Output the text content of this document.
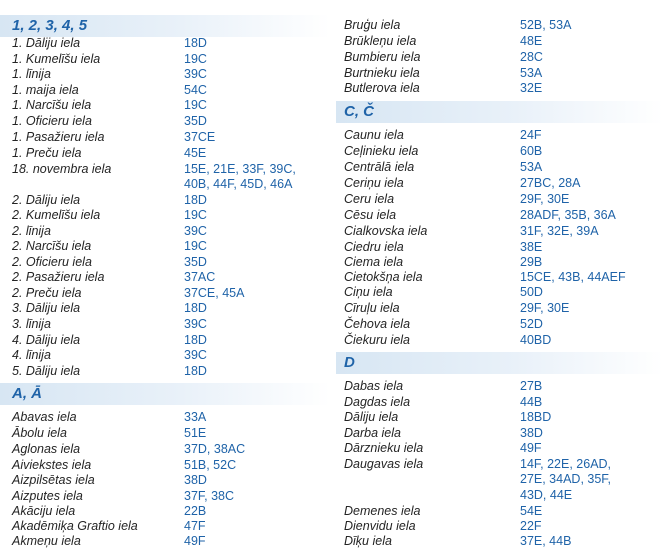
1, 2, 3, 4, 5
1. Dāliju iela	18D
1. Kumelīšu iela	19C
1. līnija	39C
1. maija iela	54C
1. Narcīšu iela	19C
1. Oficieru iela	35D
1. Pasažieru iela	37CE
1. Preču iela	45E
18. novembra iela	15E, 21E, 33F, 39C,
40B, 44F, 45D, 46A
2. Dāliju iela	18D
2. Kumelīšu iela	19C
2. līnija	39C
2. Narcīšu iela	19C
2. Oficieru iela	35D
2. Pasažieru iela	37AC
2. Preču iela	37CE, 45A
3. Dāliju iela	18D
3. līnija	39C
4. Dāliju iela	18D
4. līnija	39C
5. Dāliju iela	18D
A, Ā
Abavas iela	33A
Ābolu iela	51E
Aglonas iela	37D, 38AC
Aiviekstes iela	51B, 52C
Aizpilsētas iela	38D
Aizputes iela	37F, 38C
Akāciju iela	22B
Akadēmiķa Graftio iela	47F
Akmeņu iela	49F
Bruģu iela	52B, 53A
Brūkleņu iela	48E
Bumbieru iela	28C
Burtnieku iela	53A
Butlerova iela	32E
C, Č
Caunu iela	24F
Ceļinieku iela	60B
Centrālā iela	53A
Ceriņu iela	27BC, 28A
Ceru iela	29F, 30E
Cēsu iela	28ADF, 35B, 36A
Cialkovska iela	31F, 32E, 39A
Ciedru iela	38E
Ciema iela	29B
Cietokšņa iela	15CE, 43B, 44AEF
Ciņu iela	50D
Cīruļu iela	29F, 30E
Čehova iela	52D
Čiekuru iela	40BD
D
Dabas iela	27B
Dagdas iela	44B
Dāliju iela	18BD
Darba iela	38D
Dārznieku iela	49F
Daugavas iela	14F, 22E, 26AD,
27E, 34AD, 35F,
43D, 44E
Demenes iela	54E
Dienvidu iela	22F
Dīķu iela	37E, 44B
